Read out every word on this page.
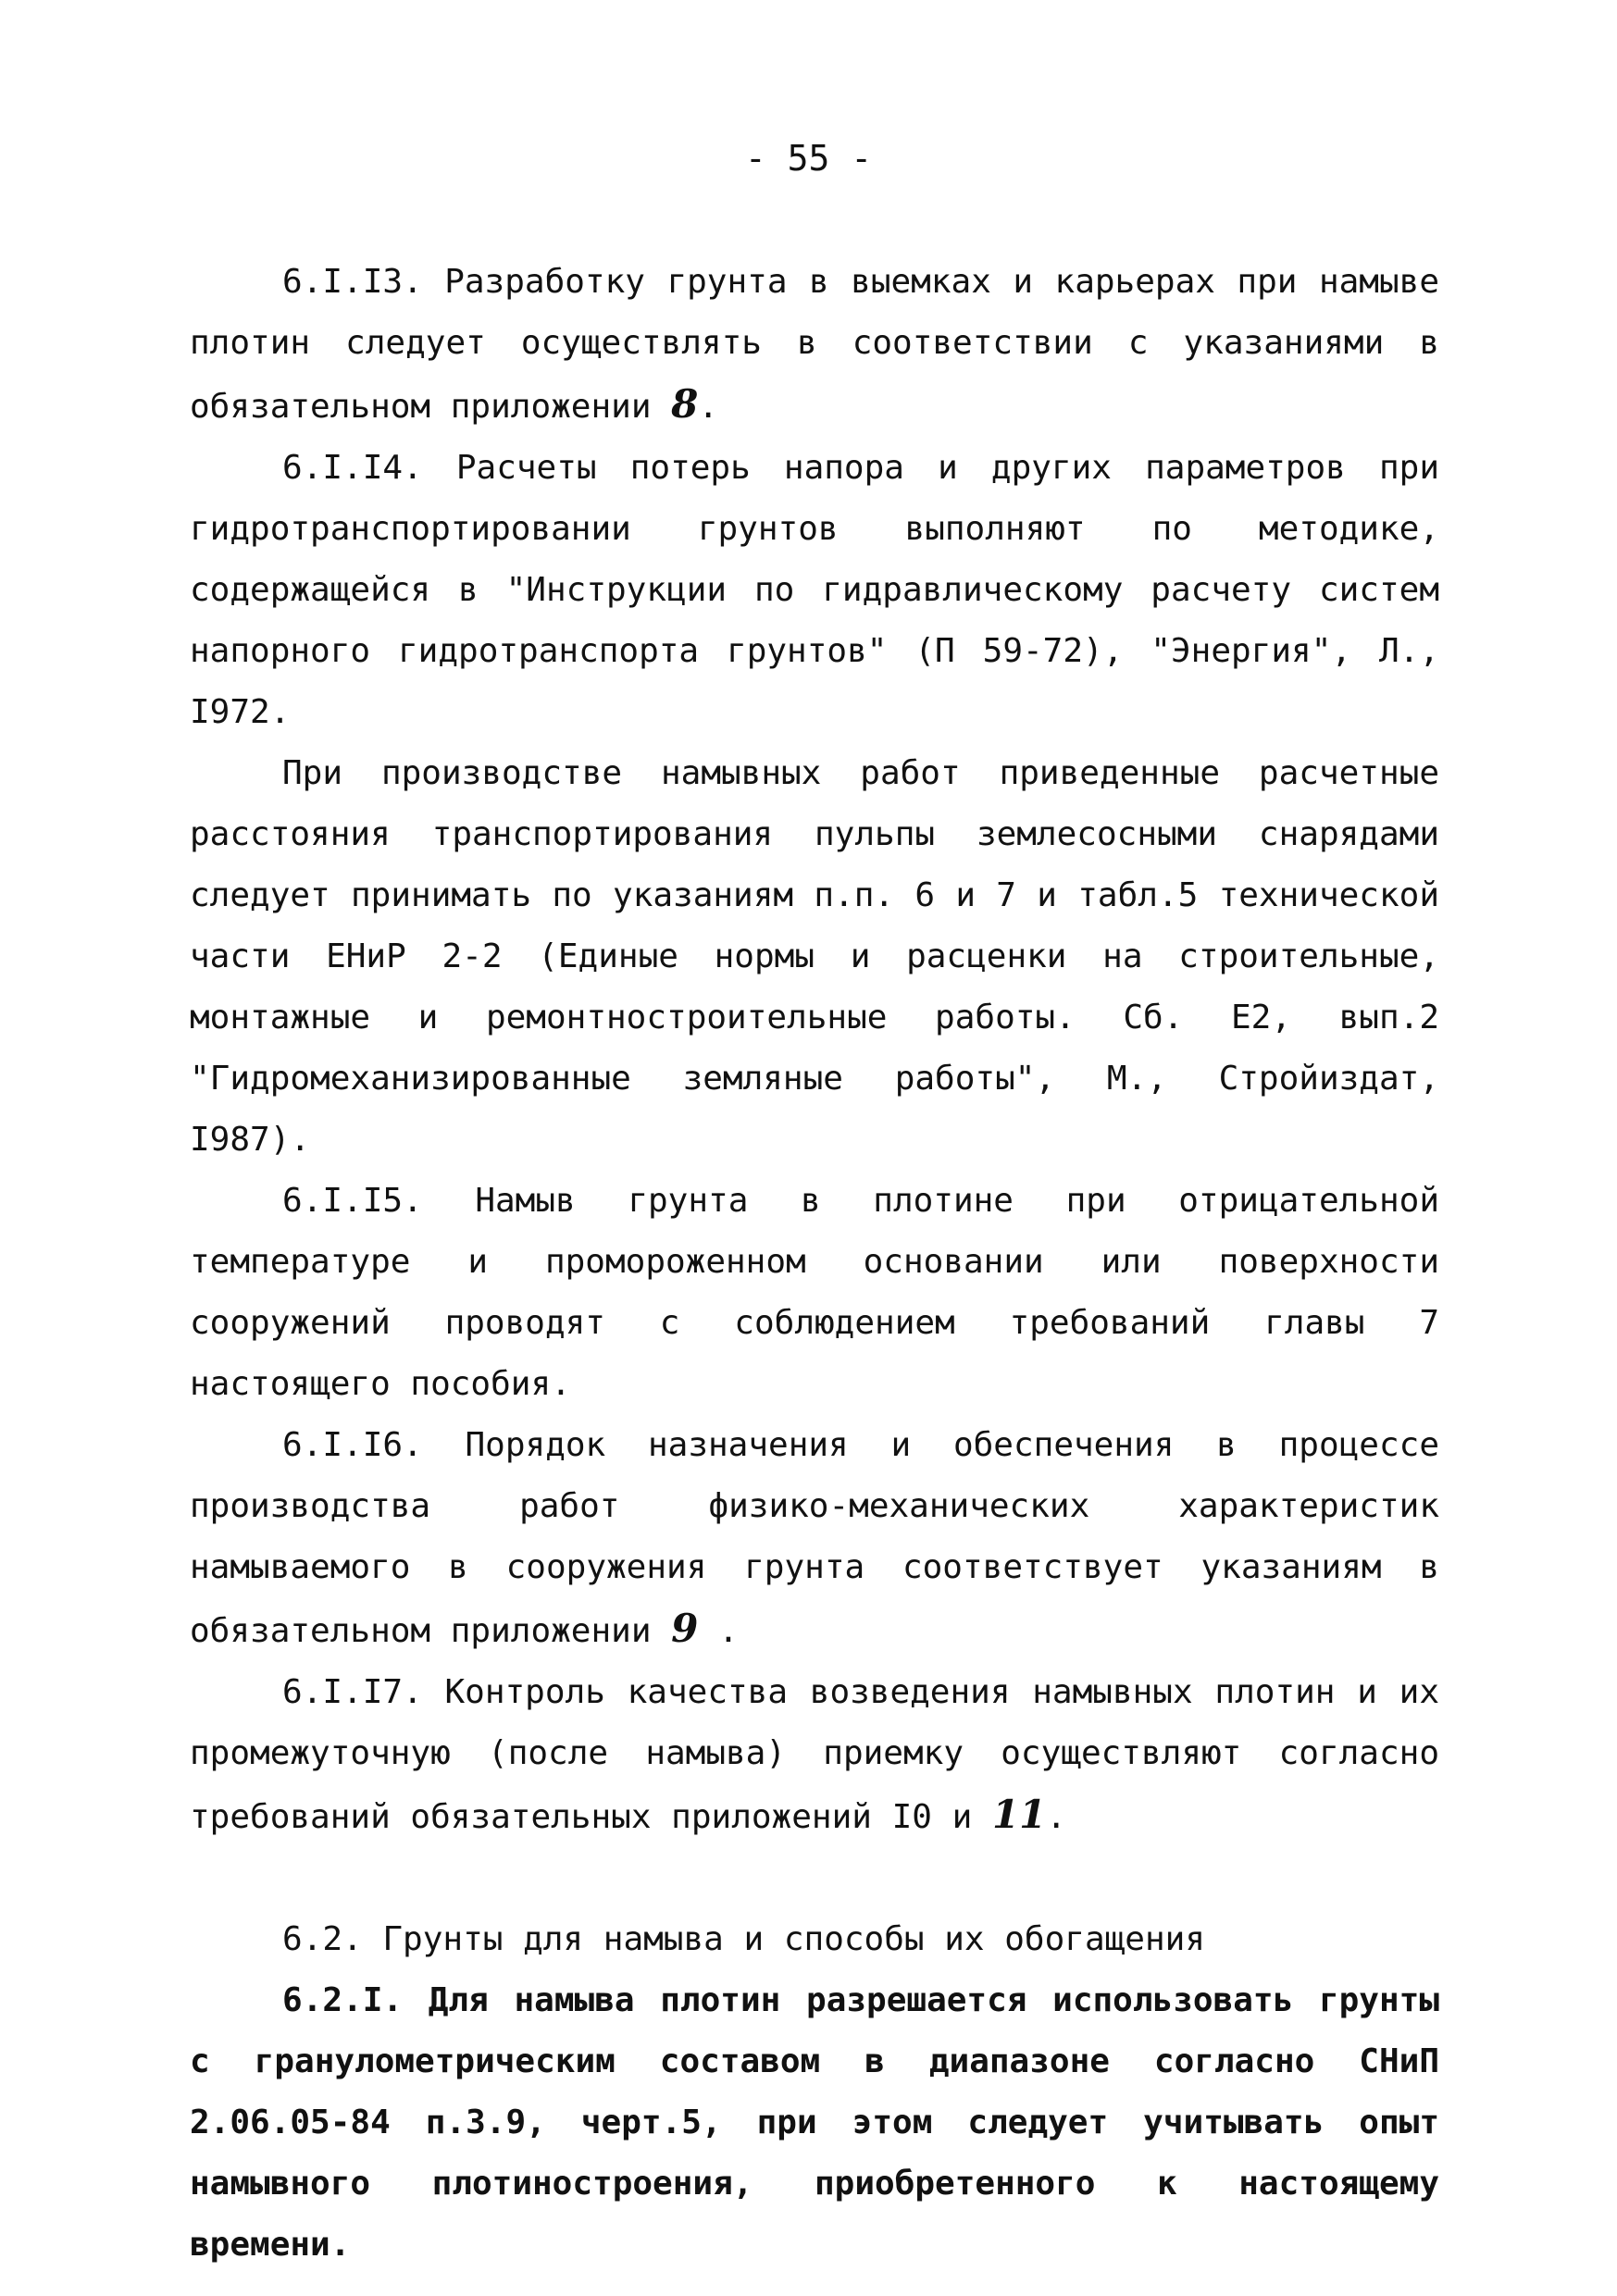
- 55 -

6.I.I3. Разработку грунта в выемках и карьерах при намыве плотин следует осуществлять в соответствии с указаниями в обязательном приложении 8.

6.I.I4. Расчеты потерь напора и других параметров при гидротранспортировании грунтов выполняют по методике, содержащейся в "Инструкции по гидравлическому расчету систем напорного гидротранспорта грунтов" (П 59-72), "Энергия", Л., I972.

При производстве намывных работ приведенные расчетные расстояния транспортирования пульпы землесосными снарядами следует принимать по указаниям п.п. 6 и 7 и табл.5 технической части ЕНиР 2-2 (Единые нормы и расценки на строительные, монтажные и ремонтностроительные работы. Сб. Е2, вып.2 "Гидромеханизированные земляные работы", М., Стройиздат, I987).

6.I.I5. Намыв грунта в плотине при отрицательной температуре и промороженном основании или поверхности сооружений проводят с соблюдением требований главы 7 настоящего пособия.

6.I.I6. Порядок назначения и обеспечения в процессе производства работ физико-механических характеристик намываемого в сооружения грунта соответствует указаниям в обязательном приложении 9 .

6.I.I7. Контроль качества возведения намывных плотин и их промежуточную (после намыва) приемку осуществляют согласно требований обязательных приложений I0 и 11.

6.2. Грунты для намыва и способы их обогащения

6.2.I. Для намыва плотин разрешается использовать грунты с гранулометрическим составом в диапазоне согласно СНиП 2.06.05-84 п.3.9, черт.5, при этом следует учитывать опыт намывного плотиностроения, приобретенного к настоящему времени.
